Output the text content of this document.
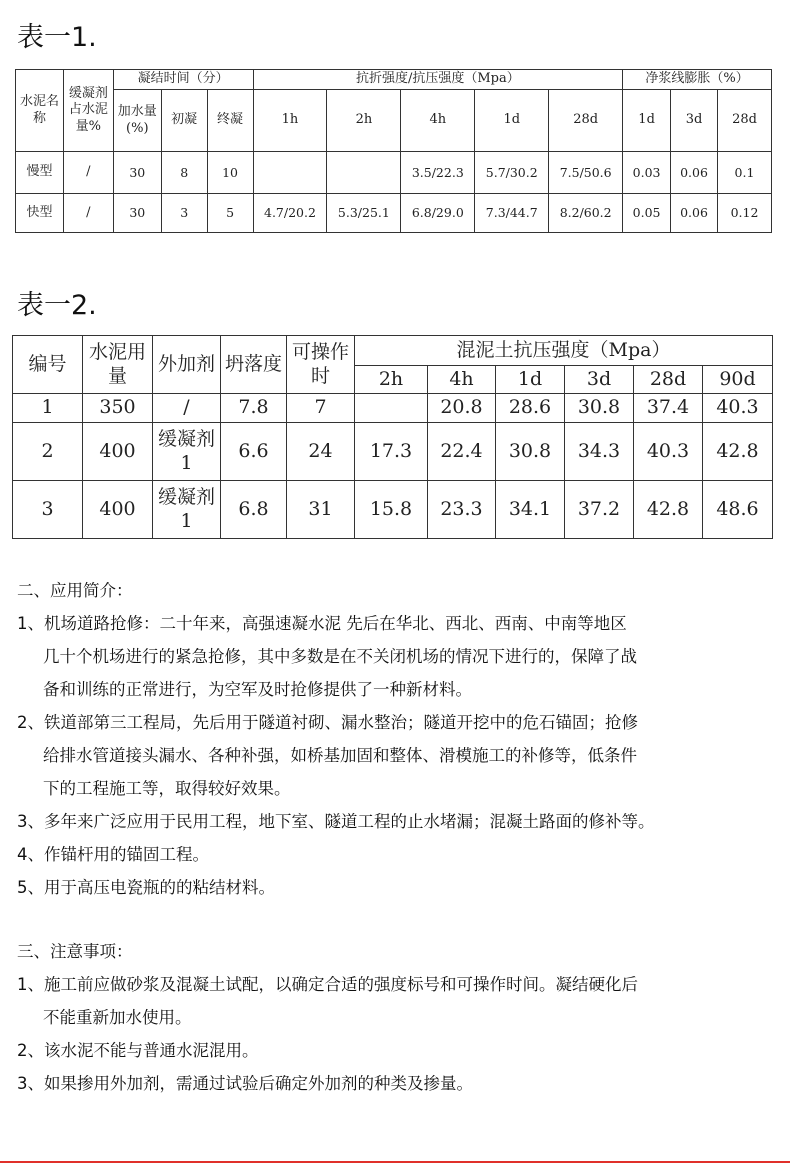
表一1.
水泥名称	缓凝剂占水泥量%	凝结时间（分）			抗折强度/抗压强度（Mpa）					净浆线膨胀（%）		
		加水量(%)	初凝	终凝	1h	2h	4h	1d	28d	1d	3d	28d
慢型	/	30	8	10			3.5/22.3	5.7/30.2	7.5/50.6	0.03	0.06	0.1
快型	/	30	3	5	4.7/20.2	5.3/25.1	6.8/29.0	7.3/44.7	8.2/60.2	0.05	0.06	0.12
表一2.
编号	水泥用量	外加剂	坍落度	可操作时	混泥土抗压强度（Mpa）					
					2h	4h	1d	3d	28d	90d
1	350	/	7.8	7		20.8	28.6	30.8	37.4	40.3
2	400	缓凝剂1	6.6	24	17.3	22.4	30.8	34.3	40.3	42.8
3	400	缓凝剂1	6.8	31	15.8	23.3	34.1	37.2	42.8	48.6

二、应用简介：

1、机场道路抢修：二十年来，高强速凝水泥 先后在华北、西北、西南、中南等地区

几十个机场进行的紧急抢修，其中多数是在不关闭机场的情况下进行的，保障了战

备和训练的正常进行，为空军及时抢修提供了一种新材料。

2、铁道部第三工程局，先后用于隧道衬砌、漏水整治；隧道开挖中的危石锚固；抢修

给排水管道接头漏水、各种补强，如桥基加固和整体、滑模施工的补修等，低条件

下的工程施工等，取得较好效果。

3、多年来广泛应用于民用工程，地下室、隧道工程的止水堵漏；混凝土路面的修补等。

4、作锚杆用的锚固工程。

5、用于高压电瓷瓶的的粘结材料。

三、注意事项：

1、施工前应做砂浆及混凝土试配，以确定合适的强度标号和可操作时间。凝结硬化后

不能重新加水使用。

2、该水泥不能与普通水泥混用。

3、如果掺用外加剂，需通过试验后确定外加剂的种类及掺量。
